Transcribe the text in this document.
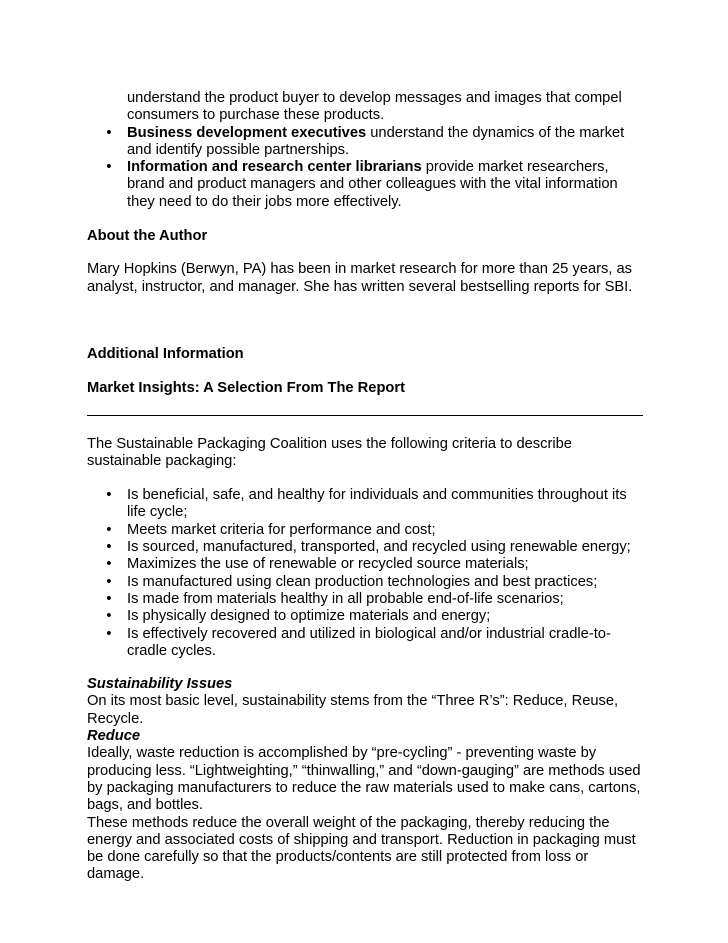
understand the product buyer to develop messages and images that compel
consumers to purchase these products.
• Business development executives understand the dynamics of the market and identify possible partnerships.
• Information and research center librarians provide market researchers, brand and product managers and other colleagues with the vital information they need to do their jobs more effectively.

About the Author

Mary Hopkins (Berwyn, PA) has been in market research for more than 25 years, as analyst, instructor, and manager. She has written several bestselling reports for SBI.

Additional Information

Market Insights: A Selection From The Report

The Sustainable Packaging Coalition uses the following criteria to describe sustainable packaging:

• Is beneficial, safe, and healthy for individuals and communities throughout its life cycle;
• Meets market criteria for performance and cost;
• Is sourced, manufactured, transported, and recycled using renewable energy;
• Maximizes the use of renewable or recycled source materials;
• Is manufactured using clean production technologies and best practices;
• Is made from materials healthy in all probable end-of-life scenarios;
• Is physically designed to optimize materials and energy;
• Is effectively recovered and utilized in biological and/or industrial cradle-to-cradle cycles.

Sustainability Issues

On its most basic level, sustainability stems from the “Three R’s”: Reduce, Reuse, Recycle.

Reduce

Ideally, waste reduction is accomplished by “pre-cycling” - preventing waste by producing less. “Lightweighting,” “thinwalling,” and “down-gauging” are methods used by packaging manufacturers to reduce the raw materials used to make cans, cartons, bags, and bottles.

These methods reduce the overall weight of the packaging, thereby reducing the energy and associated costs of shipping and transport. Reduction in packaging must be done carefully so that the products/contents are still protected from loss or damage.
